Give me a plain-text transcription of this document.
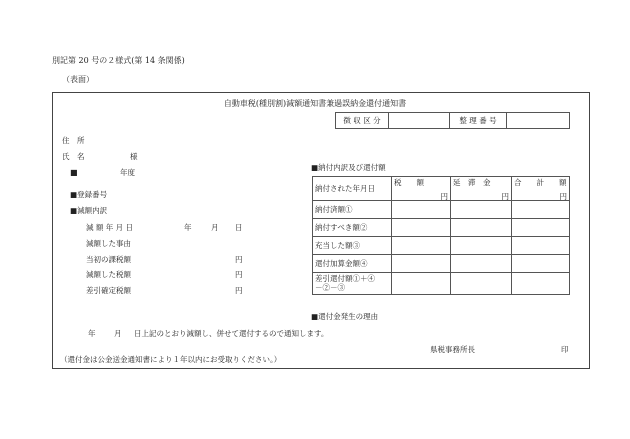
別記第 20 号の２様式(第 14 条関係)
（表面）
自動車税(種別割)減額通知書兼過誤納金還付通知書
徴 収 区 分		整 理 番 号	
住　所
氏　名	様
■	年度
■登録番号
■減額内訳
減 額 年 月 日	年	月 日
減額した事由
当初の課税額	円
減額した税額	円
差引確定税額	円
■納付内訳及び還付額
納付された年月日	税　　額	延　滞　金	合　　計　　額
	円	円	円
納付済額①			
納付すべき額②			
充当した額③			
還付加算金額④			
差引還付額①＋④
－②－③			
■還付金発生の理由
年 月 日上記のとおり減額し、併せて還付するので通知します。
県税事務所長	印
（還付金は公金送金通知書により１年以内にお受取りください。）
